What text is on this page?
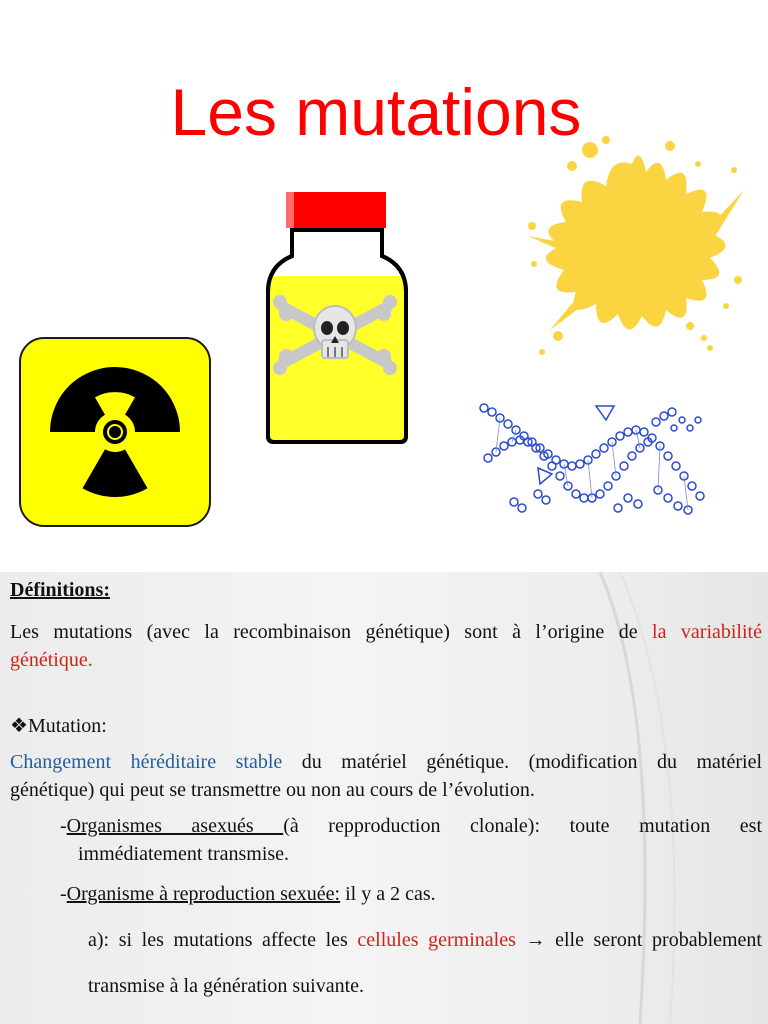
Les mutations

Définitions:

Les mutations (avec la recombinaison génétique) sont à l’origine de la variabilité

génétique.

❖Mutation:

Changement héréditaire stable du matériel génétique. (modification du matériel

génétique) qui peut se transmettre ou non au cours de l’évolution.

-Organismes asexués (à repproduction clonale): toute mutation est

immédiatement transmise.

-Organisme à reproduction sexuée: il y a 2 cas.

a): si les mutations affecte les cellules germinales → elle seront probablement

transmise à la génération suivante.
